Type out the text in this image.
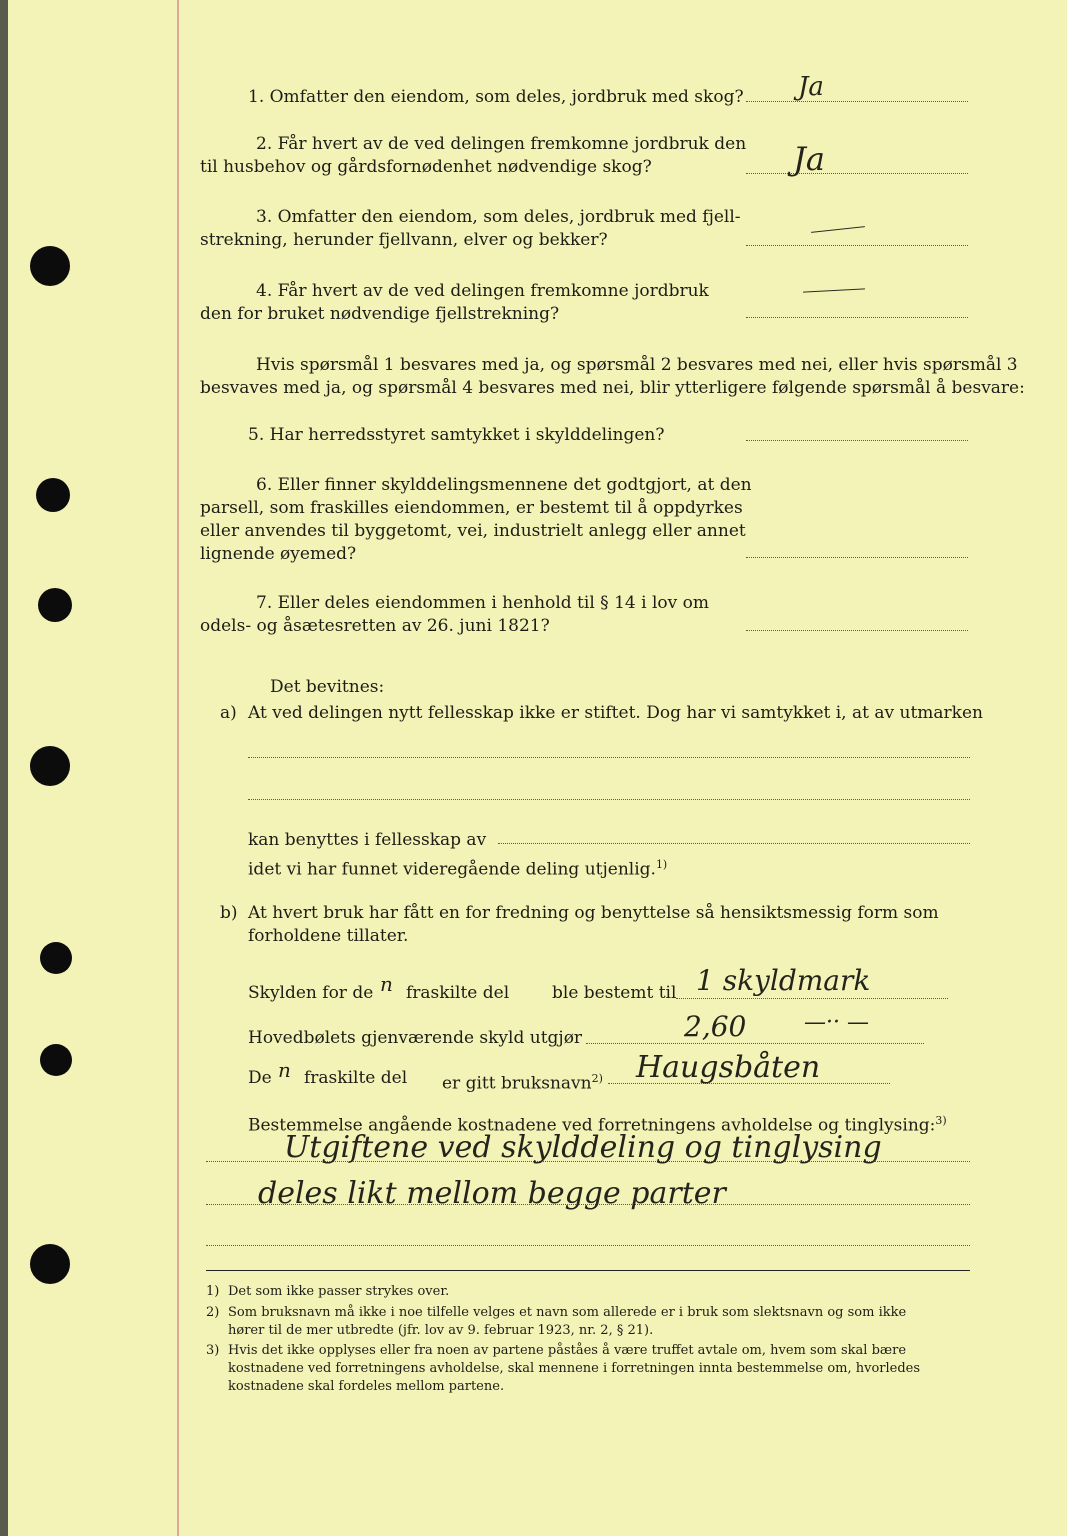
1. Omfatter den eiendom, som deles, jordbruk med skog? Ja
2. Får hvert av de ved delingen fremkomne jordbruk den
til husbehov og gårdsfornødenhet nødvendige skog?	Ja
3. Omfatter den eiendom, som deles, jordbruk med fjell-
strekning, herunder fjellvann, elver og bekker?
4. Får hvert av de ved delingen fremkomne jordbruk
den for bruket nødvendige fjellstrekning?
Hvis spørsmål 1 besvares med ja, og spørsmål 2 besvares med nei, eller hvis spørsmål 3
besvaves med ja, og spørsmål 4 besvares med nei, blir ytterligere følgende spørsmål å besvare:
5. Har herredsstyret samtykket i skylddelingen?
6. Eller finner skylddelingsmennene det godtgjort, at den
parsell, som fraskilles eiendommen, er bestemt til å oppdyrkes
eller anvendes til byggetomt, vei, industrielt anlegg eller annet
lignende øyemed?
7. Eller deles eiendommen i henhold til § 14 i lov om
odels- og åsætesretten av 26. juni 1821?
Det bevitnes:
a) At ved delingen nytt fellesskap ikke er stiftet. Dog har vi samtykket i, at av utmarken
kan benyttes i fellesskap av
idet vi har funnet videregående deling utjenlig.$^{1)}$
b) At hvert bruk har fått en for fredning og benyttelse så hensiktsmessig form som
forholdene tillater.
Skylden for de n fraskilte del	ble bestemt til 1 skyldmark
Hovedbølets gjenværende skyld utgjør	2,60	—·· —
De n fraskilte del er gitt bruksnavn$^{2)}$ Haugsbåten
Bestemmelse angående kostnadene ved forretningens avholdelse og tinglysing:$^{3)}$
Utgiftene ved skylddeling og tinglysing
deles likt mellom begge parter
1) Det som ikke passer strykes over.
2) Som bruksnavn må ikke i noe tilfelle velges et navn som allerede er i bruk som slektsnavn og som ikke
hører til de mer utbredte (jfr. lov av 9. februar 1923, nr. 2, § 21).
3) Hvis det ikke opplyses eller fra noen av partene påståes å være truffet avtale om, hvem som skal bære
kostnadene ved forretningens avholdelse, skal mennene i forretningen innta bestemmelse om, hvorledes
kostnadene skal fordeles mellom partene.
